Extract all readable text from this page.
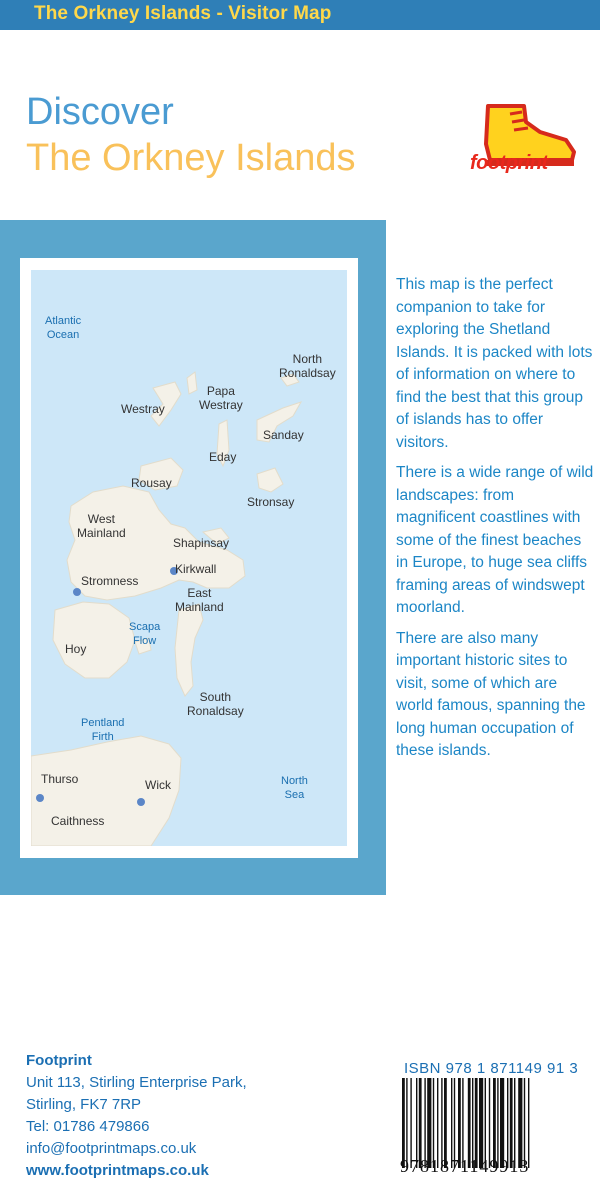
The Orkney Islands - Visitor Map
Discover
The Orkney Islands	footprint
Atlantic
Ocean
North
Ronaldsay
Papa
Westray
Westray
Sanday
Eday
Rousay
Stronsay
West
Mainland
Shapinsay
Kirkwall
Stromness
East
Mainland
Scapa
Flow
Hoy
South
Ronaldsay
Pentland
Firth
Thurso	Wick	North
Sea
Caithness

This map is the perfect companion to take for exploring the Shetland Islands. It is packed with lots of information on where to find the best that this group of islands has to offer visitors.

There is a wide range of wild landscapes: from magnificent coastlines with some of the finest beaches in Europe, to huge sea cliffs framing areas of windswept moorland.

There are also many important historic sites to visit, some of which are world famous, spanning the long human occupation of these islands.

Footprint
Unit 113, Stirling Enterprise Park,
Stirling, FK7 7RP
Tel: 01786 479866
info@footprintmaps.co.uk
www.footprintmaps.co.uk
ISBN 978 1 871149 91 3
9781871149913
